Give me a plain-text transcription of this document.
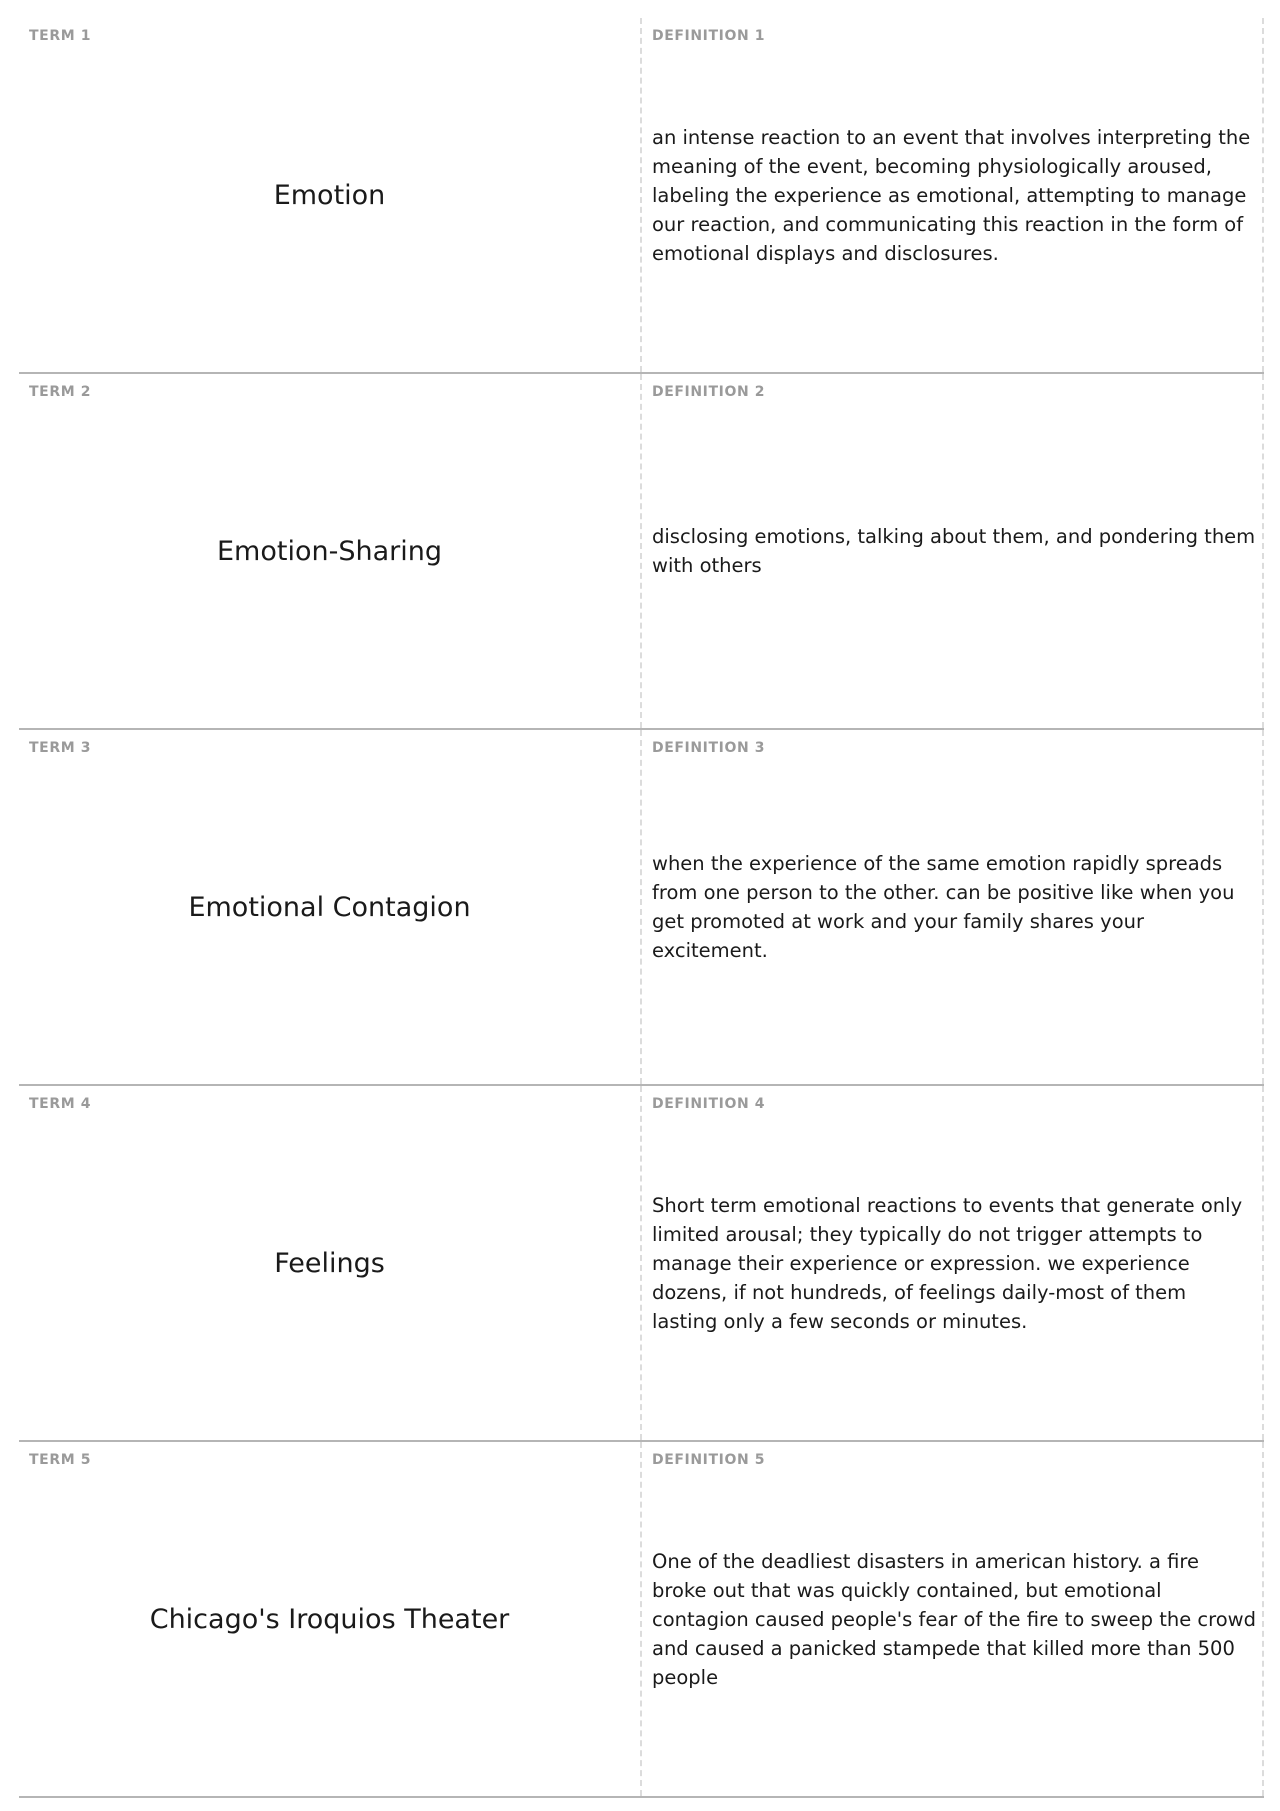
TERM 1
Emotion
DEFINITION 1
an intense reaction to an event that involves interpreting the meaning of the event, becoming physiologically aroused, labeling the experience as emotional, attempting to manage our reaction, and communicating this reaction in the form of emotional displays and disclosures.
TERM 2
Emotion-Sharing
DEFINITION 2
disclosing emotions, talking about them, and pondering them with others
TERM 3
Emotional Contagion
DEFINITION 3
when the experience of the same emotion rapidly spreads from one person to the other. can be positive like when you get promoted at work and your family shares your excitement.
TERM 4
Feelings
DEFINITION 4
Short term emotional reactions to events that generate only limited arousal; they typically do not trigger attempts to manage their experience or expression. we experience dozens, if not hundreds, of feelings daily-most of them lasting only a few seconds or minutes.
TERM 5
Chicago's Iroquios Theater
DEFINITION 5
One of the deadliest disasters in american history. a fire broke out that was quickly contained, but emotional contagion caused people's fear of the fire to sweep the crowd and caused a panicked stampede that killed more than 500 people
